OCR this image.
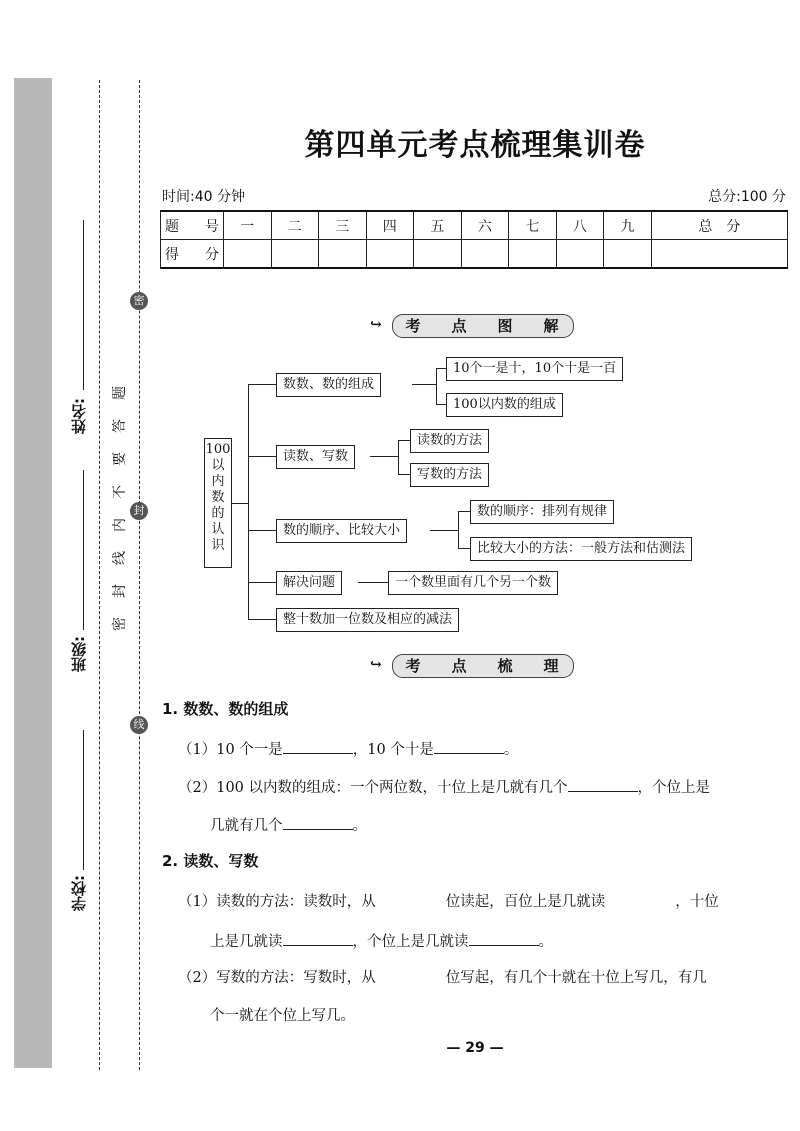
姓名:
班级:
学校:
密
封
线
密
封
线
内
不
要
答
题
第四单元考点梳理集训卷
时间:40 分钟	总分:100 分
题　号	一	二	三	四	五	六	七	八	九	总　分
得　分										
↪	考	点	图	解
100
以
内
数
的
认
识
数数、数的组成
10个一是十，10个十是一百
100以内数的组成
读数、写数
读数的方法
写数的方法
数的顺序、比较大小
数的顺序：排列有规律
比较大小的方法：一般方法和估测法
解决问题	一个数里面有几个另一个数
整十数加一位数及相应的减法
↪	考	点	梳	理
1. 数数、数的组成
（1）10 个一是	，10 个十是	。
（2）100 以内数的组成：一个两位数，十位上是几就有几个	，个位上是
几就有几个	。
2. 读数、写数
（1）读数的方法：读数时，从	位读起，百位上是几就读	，十位
上是几就读	，个位上是几就读	。
（2）写数的方法：写数时，从	位写起，有几个十就在十位上写几，有几
个一就在个位上写几。
— 29 —
